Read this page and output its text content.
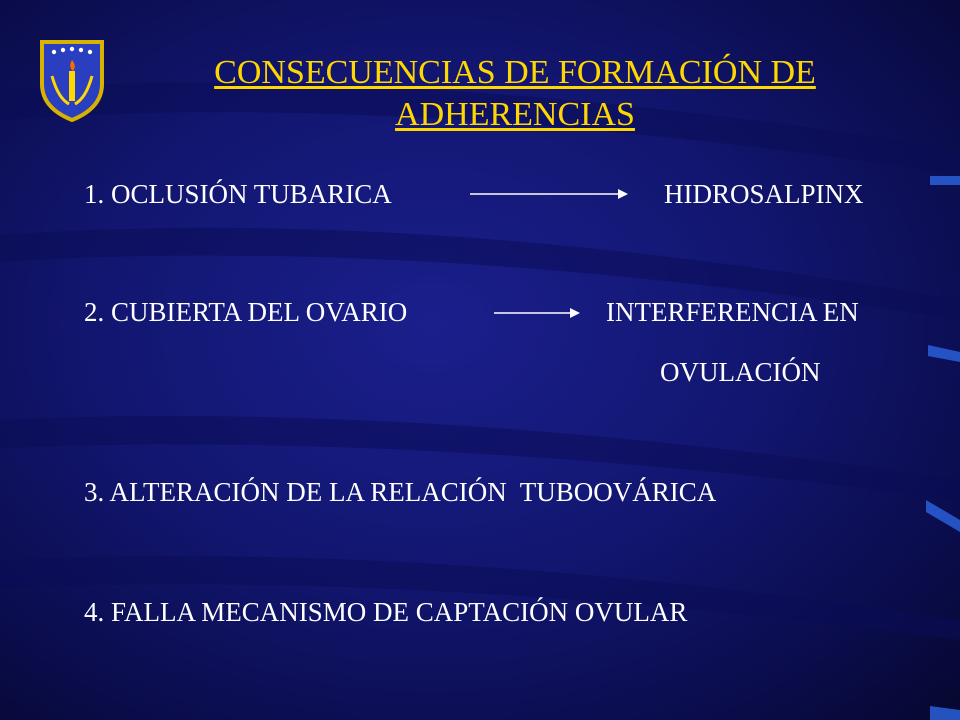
CONSECUENCIAS DE FORMACIÓN DE
ADHERENCIAS
1. OCLUSIÓN TUBARICA	HIDROSALPINX
2. CUBIERTA DEL OVARIO	INTERFERENCIA EN
OVULACIÓN
3. ALTERACIÓN DE LA RELACIÓN  TUBOOVÁRICA
4. FALLA MECANISMO DE CAPTACIÓN OVULAR
